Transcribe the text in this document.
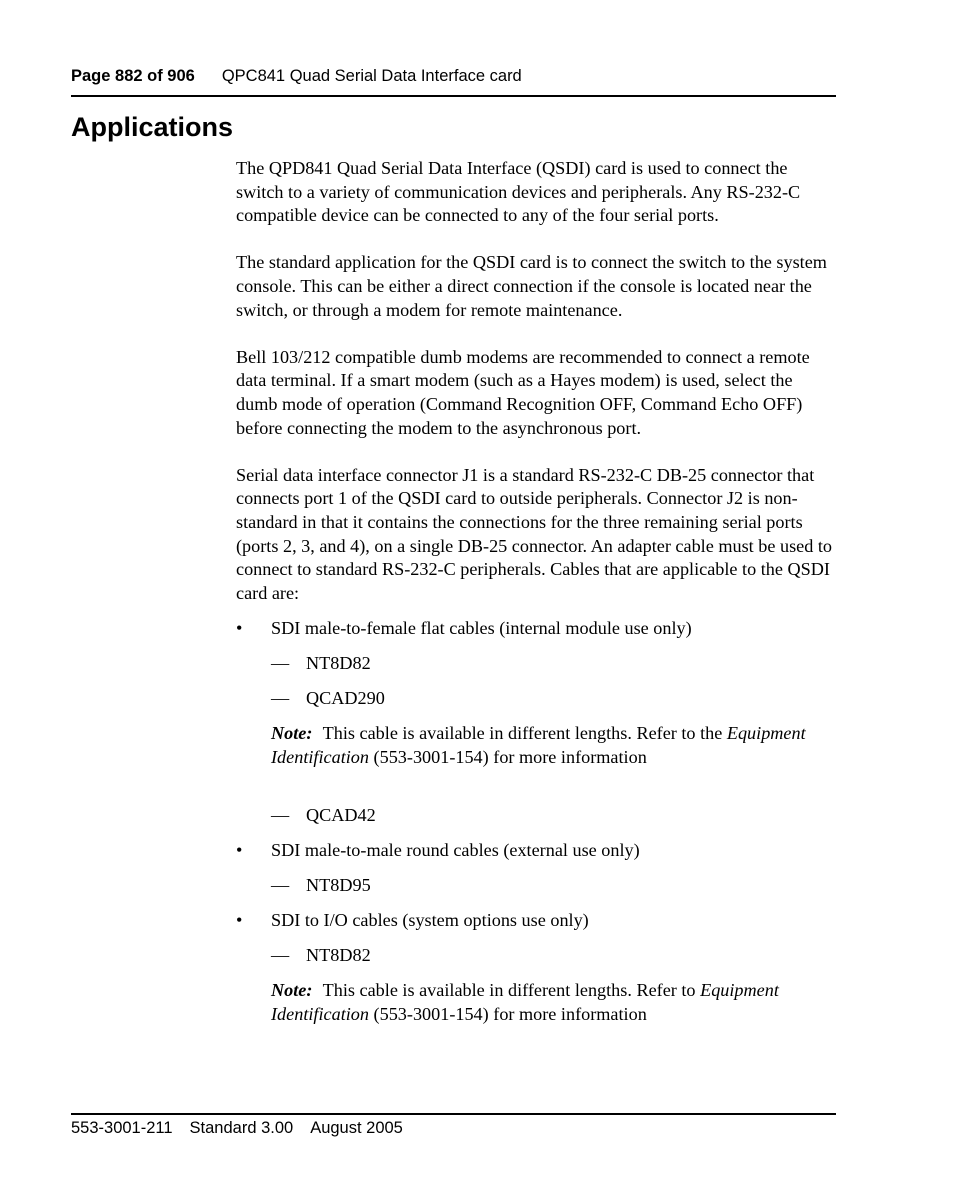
Page 882 of 906 QPC841 Quad Serial Data Interface card
Applications

The QPD841 Quad Serial Data Interface (QSDI) card is used to connect the switch to a variety of communication devices and peripherals. Any RS-232-C compatible device can be connected to any of the four serial ports.

The standard application for the QSDI card is to connect the switch to the system console. This can be either a direct connection if the console is located near the switch, or through a modem for remote maintenance.

Bell 103/212 compatible dumb modems are recommended to connect a remote data terminal. If a smart modem (such as a Hayes modem) is used, select the dumb mode of operation (Command Recognition OFF, Command Echo OFF) before connecting the modem to the asynchronous port.

Serial data interface connector J1 is a standard RS-232-C DB-25 connector that connects port 1 of the QSDI card to outside peripherals. Connector J2 is non-standard in that it contains the connections for the three remaining serial ports (ports 2, 3, and 4), on a single DB-25 connector. An adapter cable must be used to connect to standard RS-232-C peripherals. Cables that are applicable to the QSDI card are:

• SDI male-to-female flat cables (internal module use only)

— NT8D82

— QCAD290

Note: This cable is available in different lengths. Refer to the Equipment Identification (553-3001-154) for more information

— QCAD42

• SDI male-to-male round cables (external use only)

— NT8D95

• SDI to I/O cables (system options use only)

— NT8D82

Note: This cable is available in different lengths. Refer to Equipment Identification (553-3001-154) for more information

553-3001-211 Standard 3.00 August 2005
